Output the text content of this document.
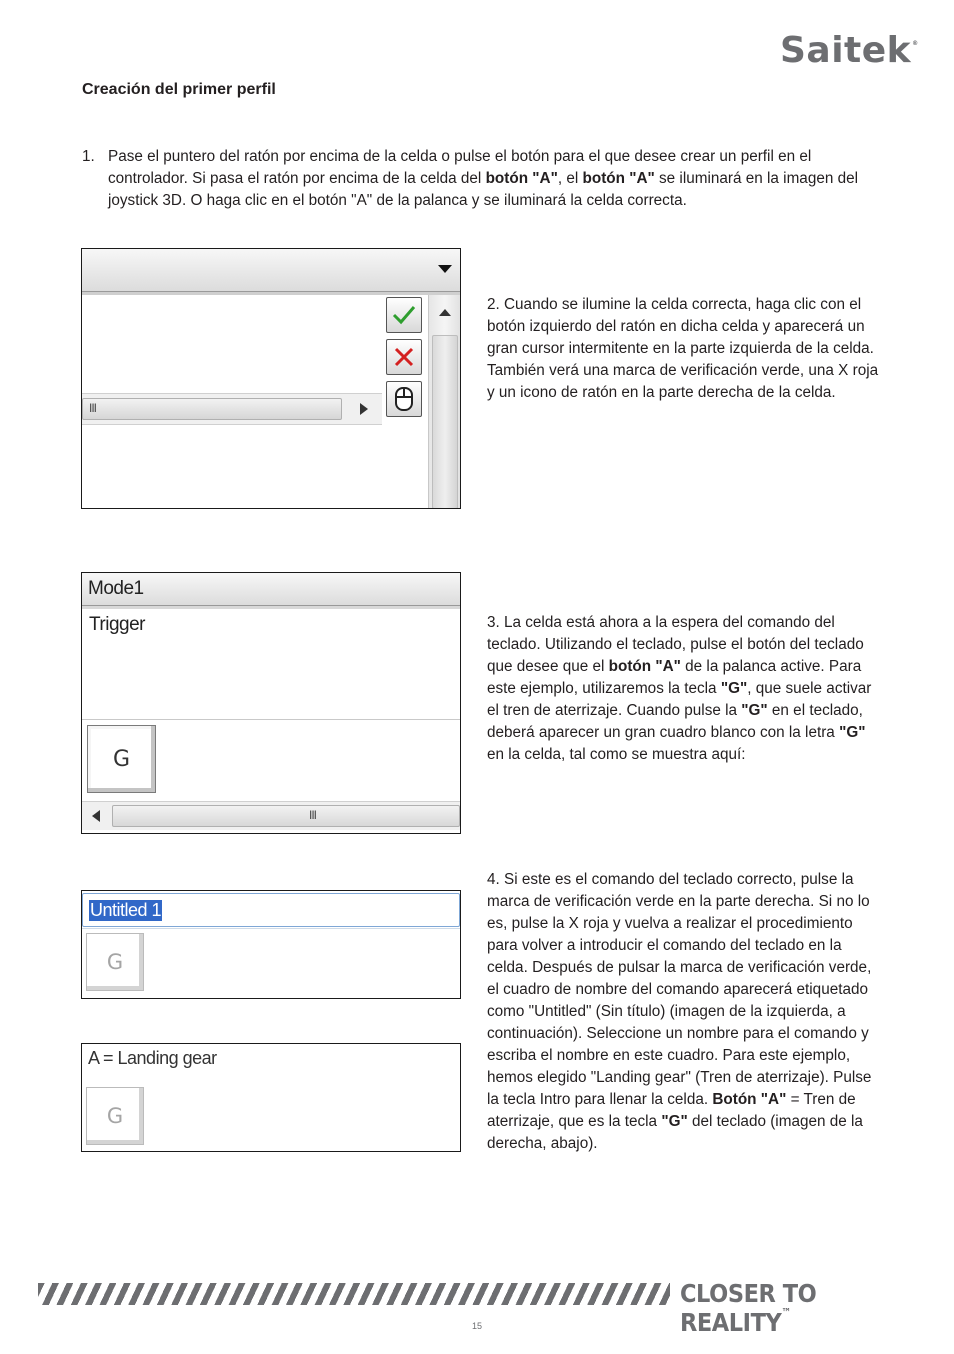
Saitek®
Creación del primer perfil
1. Pase el puntero del ratón por encima de la celda o pulse el botón para el que desee crear un perfil en el controlador. Si pasa el ratón por encima de la celda del botón "A", el botón "A" se iluminará en la imagen del joystick 3D. O haga clic en el botón "A" de la palanca y se iluminará la celda correcta.
III
2. Cuando se ilumine la celda correcta, haga clic con el botón izquierdo del ratón en dicha celda y aparecerá un gran cursor intermitente en la parte izquierda de la celda. También verá una marca de verificación verde, una X roja y un icono de ratón en la parte derecha de la celda.
Mode1
Trigger
G
III
3. La celda está ahora a la espera del comando del teclado. Utilizando el teclado, pulse el botón del teclado que desee que el botón "A" de la palanca active. Para este ejemplo, utilizaremos la tecla "G", que suele activar el tren de aterrizaje. Cuando pulse la "G" en el teclado, deberá aparecer un gran cuadro blanco con la letra "G" en la celda, tal como se muestra aquí:
Untitled 1
G
A = Landing gear
G
4. Si este es el comando del teclado correcto, pulse la marca de verificación verde en la parte derecha. Si no lo es, pulse la X roja y vuelva a realizar el procedimiento para volver a introducir el comando del teclado en la celda. Después de pulsar la marca de verificación verde, el cuadro de nombre del comando aparecerá etiquetado como "Untitled" (Sin título) (imagen de la izquierda, a continuación). Seleccione un nombre para el comando y escriba el nombre en este cuadro. Para este ejemplo, hemos elegido "Landing gear" (Tren de aterrizaje). Pulse la tecla Intro para llenar la celda. Botón "A" = Tren de aterrizaje, que es la tecla "G" del teclado (imagen de la derecha, abajo).
CLOSER TO REALITY™
15
